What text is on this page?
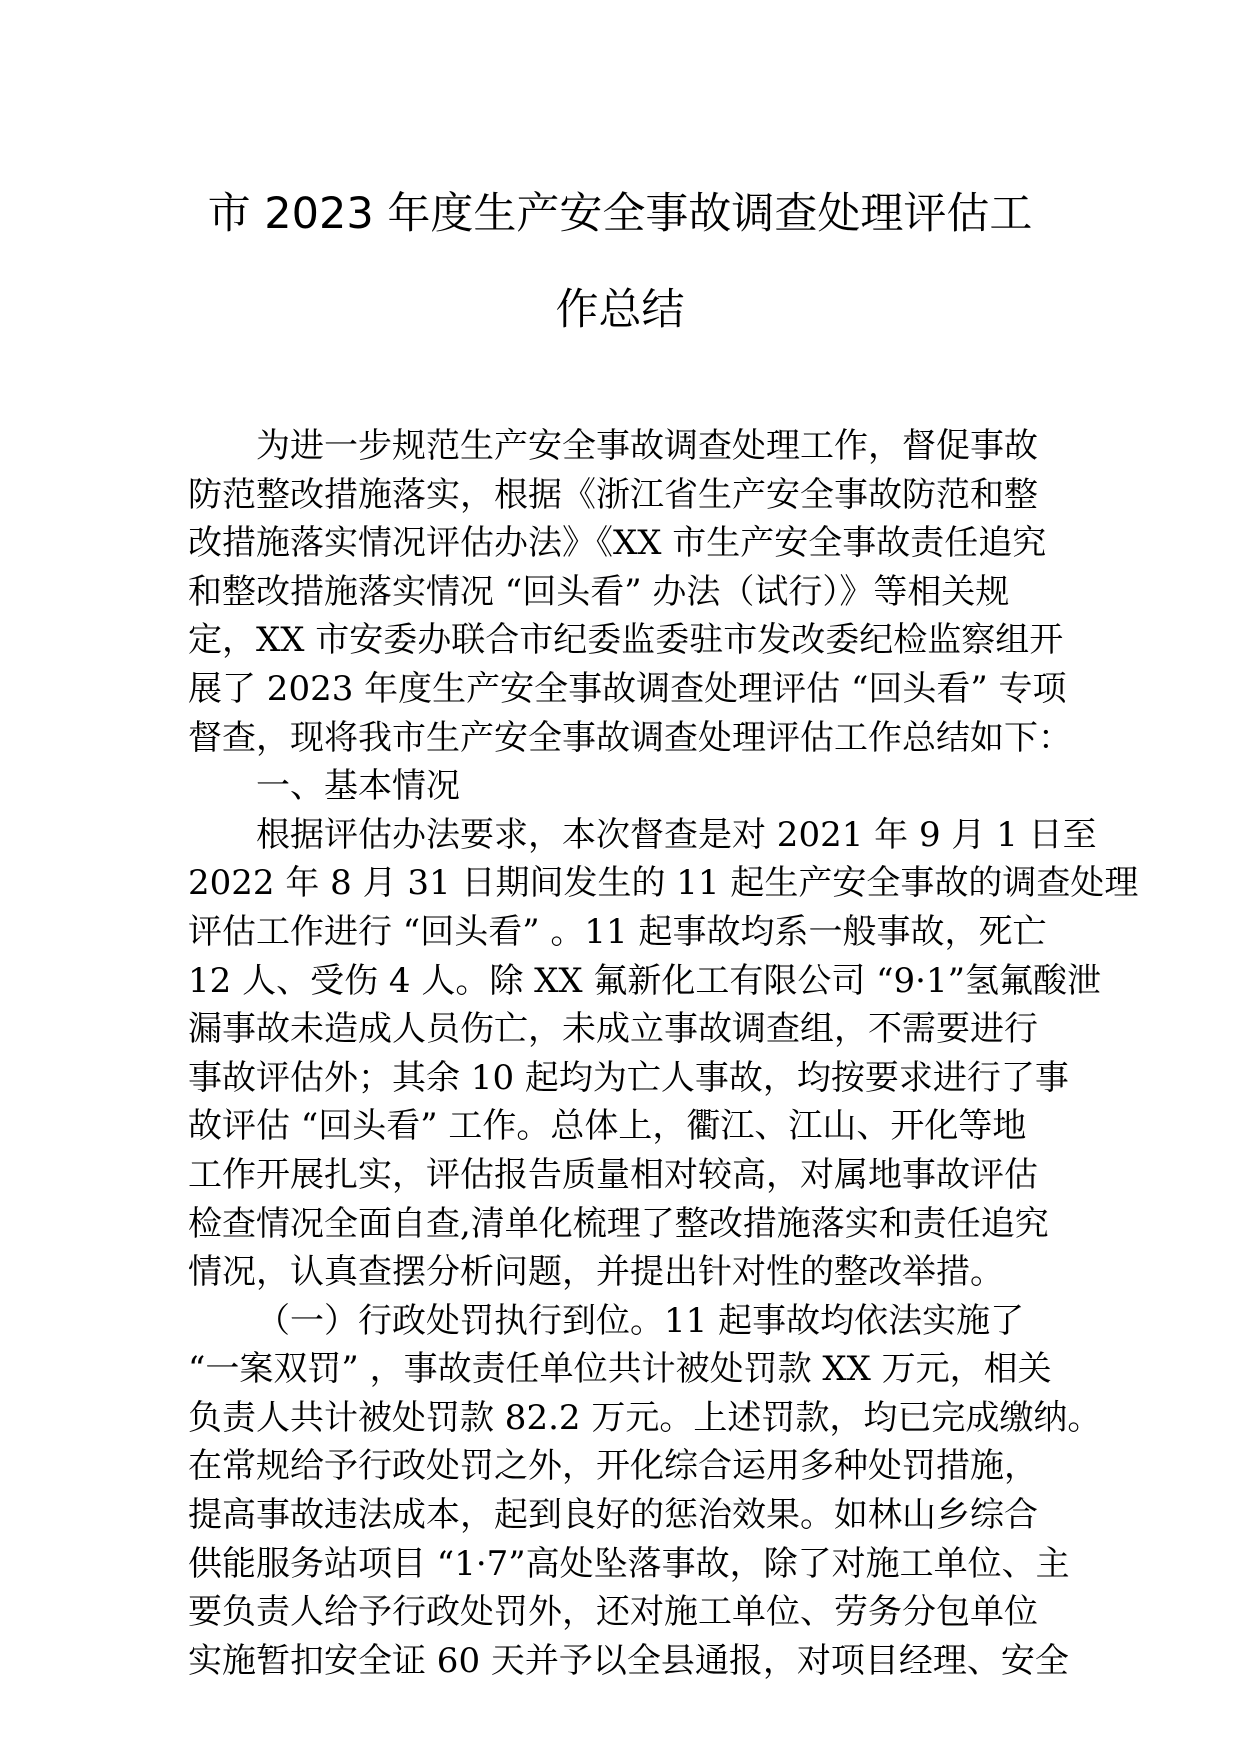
市 2023 年度生产安全事故调查处理评估工
作总结
为进一步规范生产安全事故调查处理工作，督促事故
防范整改措施落实，根据《浙江省生产安全事故防范和整
改措施落实情况评估办法》《XX 市生产安全事故责任追究
和整改措施落实情况 “回头看” 办法（试行）》等相关规
定，XX 市安委办联合市纪委监委驻市发改委纪检监察组开
展了 2023 年度生产安全事故调查处理评估 “回头看” 专项
督查，现将我市生产安全事故调查处理评估工作总结如下：
一、基本情况
根据评估办法要求，本次督查是对 2021 年 9 月 1 日至
2022 年 8 月 31 日期间发生的 11 起生产安全事故的调查处理
评估工作进行 “回头看” 。11 起事故均系一般事故，死亡
12 人、受伤 4 人。除 XX 氟新化工有限公司 “9·1”氢氟酸泄
漏事故未造成人员伤亡，未成立事故调查组，不需要进行
事故评估外；其余 10 起均为亡人事故，均按要求进行了事
故评估 “回头看” 工作。总体上，衢江、江山、开化等地
工作开展扎实，评估报告质量相对较高，对属地事故评估
检查情况全面自查,清单化梳理了整改措施落实和责任追究
情况，认真查摆分析问题，并提出针对性的整改举措。
（一）行政处罚执行到位。11 起事故均依法实施了
“一案双罚” ，事故责任单位共计被处罚款 XX 万元，相关
负责人共计被处罚款 82.2 万元。上述罚款，均已完成缴纳。
在常规给予行政处罚之外，开化综合运用多种处罚措施，
提高事故违法成本，起到良好的惩治效果。如林山乡综合
供能服务站项目 “1·7”高处坠落事故，除了对施工单位、主
要负责人给予行政处罚外，还对施工单位、劳务分包单位
实施暂扣安全证 60 天并予以全县通报，对项目经理、安全
